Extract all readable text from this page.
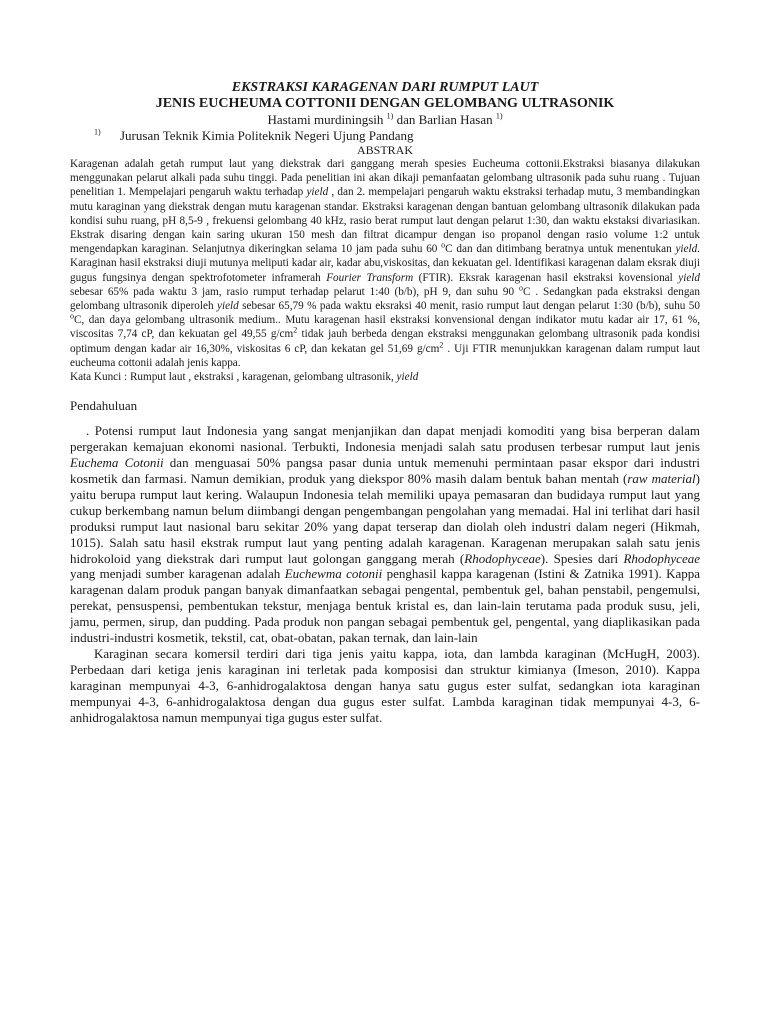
EKSTRAKSI KARAGENAN DARI RUMPUT LAUT
JENIS EUCHEUMA COTTONII DENGAN GELOMBANG ULTRASONIK
Hastami murdiningsih $^{1)}$ dan Barlian Hasan $^{1)}$
$^{1)}$ Jurusan Teknik Kimia Politeknik Negeri Ujung Pandang
ABSTRAK

Karagenan adalah getah rumput laut yang diekstrak dari ganggang merah spesies Eucheuma cottonii.Ekstraksi biasanya dilakukan menggunakan pelarut alkali pada suhu tinggi. Pada penelitian ini akan dikaji pemanfaatan gelombang ultrasonik pada suhu ruang . Tujuan penelitian 1. Mempelajari pengaruh waktu terhadap yield , dan 2. mempelajari pengaruh waktu ekstraksi terhadap mutu, 3 membandingkan mutu karaginan yang diekstrak dengan mutu karagenan standar. Ekstraksi karagenan dengan bantuan gelombang ultrasonik dilakukan pada kondisi suhu ruang, pH 8,5-9 , frekuensi gelombang 40 kHz, rasio berat rumput laut dengan pelarut 1:30, dan waktu ekstaksi divariasikan. Ekstrak disaring dengan kain saring ukuran 150 mesh dan filtrat dicampur dengan iso propanol dengan rasio volume 1:2 untuk mengendapkan karaginan. Selanjutnya dikeringkan selama 10 jam pada suhu 60 $^o$C dan dan ditimbang beratnya untuk menentukan yield. Karaginan hasil ekstraksi diuji mutunya meliputi kadar air, kadar abu,viskositas, dan kekuatan gel. Identifikasi karagenan dalam eksrak diuji gugus fungsinya dengan spektrofotometer inframerah Fourier Transform (FTIR). Eksrak karagenan hasil ekstraksi kovensional yield sebesar 65% pada waktu 3 jam, rasio rumput terhadap pelarut 1:40 (b/b), pH 9, dan suhu 90 $^o$C . Sedangkan pada ekstraksi dengan gelombang ultrasonik diperoleh yield sebesar 65,79 % pada waktu eksraksi 40 menit, rasio rumput laut dengan pelarut 1:30 (b/b), suhu 50 $^o$C, dan daya gelombang ultrasonik medium.. Mutu karagenan hasil ekstraksi konvensional dengan indikator mutu kadar air 17, 61 %, viscositas 7,74 cP, dan kekuatan gel 49,55 $g/cm^2$ tidak jauh berbeda dengan ekstraksi menggunakan gelombang ultrasonik pada kondisi optimum dengan kadar air 16,30%, viskositas 6 cP, dan kekatan gel 51,69 $g/cm^2$ . Uji FTIR menunjukkan karagenan dalam rumput laut eucheuma cottonii adalah jenis kappa.

Kata Kunci : Rumput laut , ekstraksi , karagenan, gelombang ultrasonik, yield

Pendahuluan

. Potensi rumput laut Indonesia yang sangat menjanjikan dan dapat menjadi komoditi yang bisa berperan dalam pergerakan kemajuan ekonomi nasional. Terbukti, Indonesia menjadi salah satu produsen terbesar rumput laut jenis Euchema Cotonii dan menguasai 50% pangsa pasar dunia untuk memenuhi permintaan pasar ekspor dari industri kosmetik dan farmasi. Namun demikian, produk yang diekspor 80% masih dalam bentuk bahan mentah (raw material) yaitu berupa rumput laut kering. Walaupun Indonesia telah memiliki upaya pemasaran dan budidaya rumput laut yang cukup berkembang namun belum diimbangi dengan pengembangan pengolahan yang memadai. Hal ini terlihat dari hasil produksi rumput laut nasional baru sekitar 20% yang dapat terserap dan diolah oleh industri dalam negeri (Hikmah, 1015). Salah satu hasil ekstrak rumput laut yang penting adalah karagenan. Karagenan merupakan salah satu jenis hidrokoloid yang diekstrak dari rumput laut golongan ganggang merah (Rhodophyceae). Spesies dari Rhodophyceae yang menjadi sumber karagenan adalah Euchewma cotonii penghasil kappa karagenan (Istini & Zatnika 1991). Kappa karagenan dalam produk pangan banyak dimanfaatkan sebagai pengental, pembentuk gel, bahan penstabil, pengemulsi, perekat, pensuspensi, pembentukan tekstur, menjaga bentuk kristal es, dan lain-lain terutama pada produk susu, jeli, jamu, permen, sirup, dan pudding. Pada produk non pangan sebagai pembentuk gel, pengental, yang diaplikasikan pada industri-industri kosmetik, tekstil, cat, obat-obatan, pakan ternak, dan lain-lain

Karaginan secara komersil terdiri dari tiga jenis yaitu kappa, iota, dan lambda karaginan (McHugH, 2003). Perbedaan dari ketiga jenis karaginan ini terletak pada komposisi dan struktur kimianya (Imeson, 2010). Kappa karaginan mempunyai 4-3, 6-anhidrogalaktosa dengan hanya satu gugus ester sulfat, sedangkan iota karaginan mempunyai 4-3, 6-anhidrogalaktosa dengan dua gugus ester sulfat. Lambda karaginan tidak mempunyai 4-3, 6-anhidrogalaktosa namun mempunyai tiga gugus ester sulfat.
